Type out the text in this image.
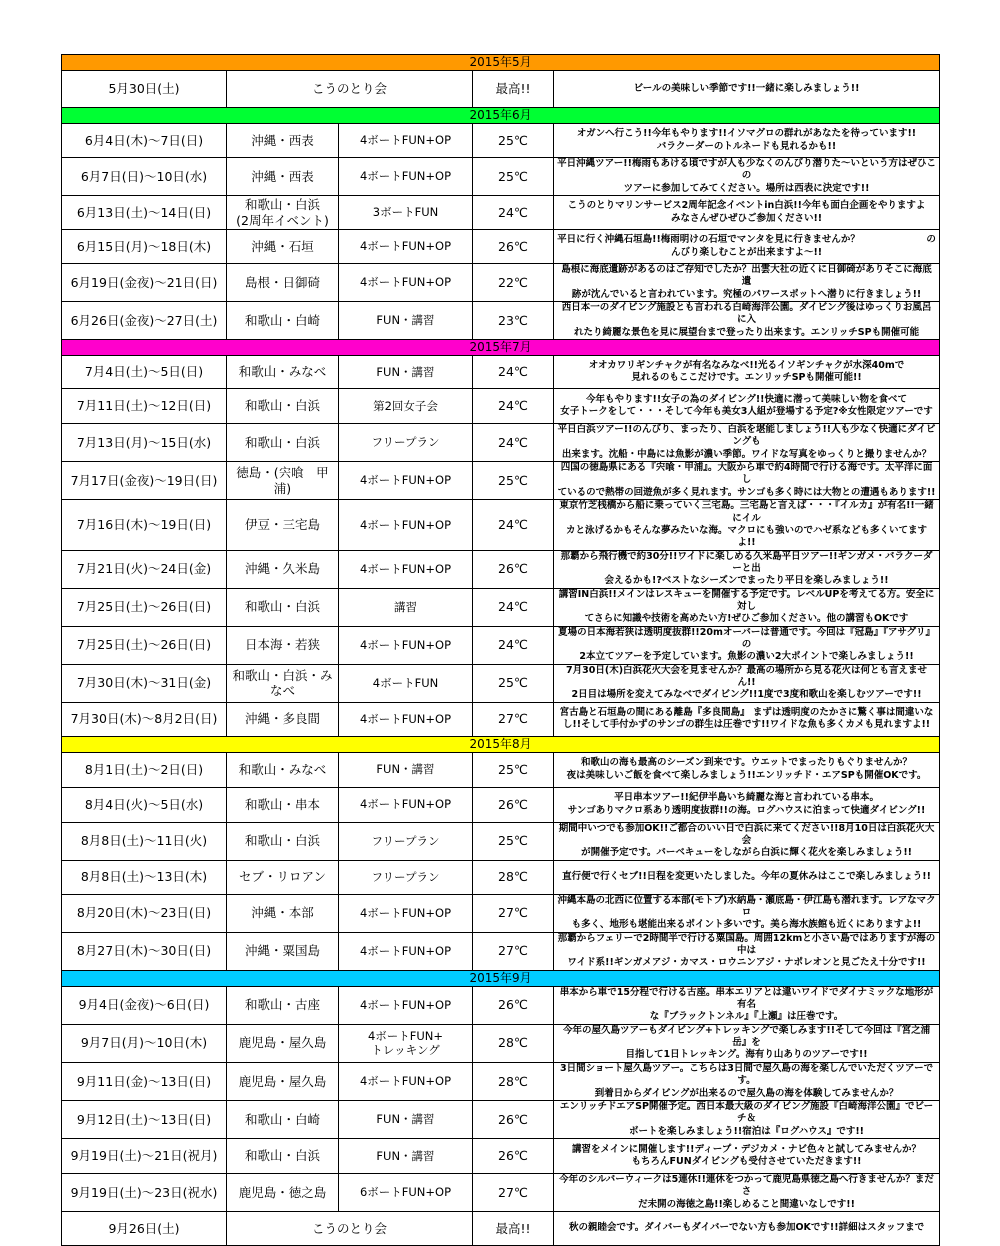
2015年5月				
5月30日(土)	こうのとり会		最高!!	ビールの美味しい季節です!!一緒に楽しみましょう!!
2015年6月				
6月4日(木)～7日(日)	沖縄・西表	4ボートFUN+OP	25℃	オガンへ行こう!!今年もやります!!イソマグロの群れがあなたを待っています!!
バラクーダーのトルネードも見れるかも!!
6月7日(日)～10日(水)	沖縄・西表	4ボートFUN+OP	25℃	平日沖縄ツアー!!梅雨もあける頃ですが人も少なくのんびり潜りた～いという方はぜひこの
ツアーに参加してみてください。場所は西表に決定です!!
6月13日(土)～14日(日)	和歌山・白浜
(2周年イベント)	3ボートFUN	24℃	こうのとりマリンサービス2周年記念イベントin白浜!!今年も面白企画をやりますよ
みなさんぜひぜひご参加ください!!
6月15日(月)～18日(木)	沖縄・石垣	4ボートFUN+OP	26℃	平日に行く沖縄石垣島!!梅雨明けの石垣でマンタを見に行きませんか？　　　　　　　の
んびり楽しむことが出来ますよ～!!
6月19日(金夜)～21日(日)	島根・日御碕	4ボートFUN+OP	22℃	島根に海底遺跡があるのはご存知でしたか？出雲大社の近くに日御碕がありそこに海底遺
跡が沈んでいると言われています。究極のパワースポットへ潜りに行きましょう!!
6月26日(金夜)～27日(土)	和歌山・白崎	FUN・講習	23℃	西日本一のダイビング施設とも言われる白崎海洋公園。ダイビング後はゆっくりお風呂に入
れたり綺麗な景色を見に展望台まで登ったり出来ます。エンリッチSPも開催可能
2015年7月				
7月4日(土)～5日(日)	和歌山・みなべ	FUN・講習	24℃	オオカワリギンチャクが有名なみなべ!!光るイソギンチャクが水深40mで
見れるのもここだけです。エンリッチSPも開催可能!!
7月11日(土)～12日(日)	和歌山・白浜	第2回女子会	24℃	今年もやります!!女子の為のダイビング!!快適に潜って美味しい物を食べて
女子トークをして・・・そして今年も美女3人組が登場する予定?※女性限定ツアーです
7月13日(月)～15日(水)	和歌山・白浜	フリープラン	24℃	平日白浜ツアー!!のんびり、まったり、白浜を堪能しましょう!!人も少なく快適にダイビングも
出来ます。沈船・中島には魚影が濃い季節。ワイドな写真をゆっくりと撮りませんか？
7月17日(金夜)～19日(日)	徳島・(宍喰　甲浦)	4ボートFUN+OP	25℃	四国の徳島県にある『宍喰・甲浦』。大阪から車で約4時間で行ける海です。太平洋に面し
ているので熱帯の回遊魚が多く見れます。サンゴも多く時には大物との遭遇もあります!!
7月16日(木)～19日(日)	伊豆・三宅島	4ボートFUN+OP	24℃	東京竹芝桟橋から船に乗っていく三宅島。三宅島と言えば・・・『イルカ』が有名!!一緒にイル
カと泳げるかもそんな夢みたいな海。マクロにも強いのでハゼ系なども多くいてますよ!!
7月21日(火)～24日(金)	沖縄・久米島	4ボートFUN+OP	26℃	那覇から飛行機で約30分!!ワイドに楽しめる久米島平日ツアー!!ギンガメ・バラクーダーと出
会えるかも!?ベストなシーズンでまったり平日を楽しみましょう!!
7月25日(土)～26日(日)	和歌山・白浜	講習	24℃	講習IN白浜!!メインはレスキューを開催する予定です。レベルUPを考えてる方。安全に対し
てさらに知識や技術を高めたい方!ぜひご参加ください。他の講習もOKです
7月25日(土)～26日(日)	日本海・若狭	4ボートFUN+OP	24℃	夏場の日本海若狭は透明度抜群!!20mオーバーは普通です。今回は『冠島』『アサグリ』の
2本立てツアーを予定しています。魚影の濃い2大ポイントで楽しみましょう!!
7月30日(木)～31日(金)	和歌山・白浜・みなべ	4ボートFUN	25℃	7月30日(木)白浜花火大会を見ませんか？最高の場所から見る花火は何とも言えません!!
2日目は場所を変えてみなべでダイビング!!1度で3度和歌山を楽しむツアーです!!
7月30日(木)～8月2日(日)	沖縄・多良間	4ボートFUN+OP	27℃	宮古島と石垣島の間にある離島『多良間島』 まずは透明度のたかさに驚く事は間違いな
し!!そして手付かずのサンゴの群生は圧巻です!!ワイドな魚も多くカメも見れますよ!!
2015年8月				
8月1日(土)～2日(日)	和歌山・みなべ	FUN・講習	25℃	和歌山の海も最高のシーズン到来です。ウエットでまったりもぐりませんか？
夜は美味しいご飯を食べて楽しみましょう!!エンリッチド・エアSPも開催OKです。
8月4日(火)～5日(水)	和歌山・串本	4ボートFUN+OP	26℃	平日串本ツアー!!紀伊半島いち綺麗な海と言われている串本。
サンゴありマクロ系あり透明度抜群!!の海。ログハウスに泊まって快適ダイビング!!
8月8日(土)～11日(火)	和歌山・白浜	フリープラン	25℃	期間中いつでも参加OK!!ご都合のいい日で白浜に来てください!!8月10日は白浜花火大会
が開催予定です。バーベキューをしながら白浜に輝く花火を楽しみましょう!!
8月8日(土)～13日(木)	セブ・リロアン	フリープラン	28℃	直行便で行くセブ!!日程を変更いたしました。今年の夏休みはここで楽しみましょう!!
8月20日(木)～23日(日)	沖縄・本部	4ボートFUN+OP	27℃	沖縄本島の北西に位置する本部(モトブ)水納島・瀬底島・伊江島も潜れます。レアなマクロ
も多く、地形も堪能出来るポイント多いです。美ら海水族館も近くにありますよ!!
8月27日(木)～30日(日)	沖縄・粟国島	4ボートFUN+OP	27℃	那覇からフェリーで2時間半で行ける粟国島。周囲12kmと小さい島ではありますが海の中は
ワイド系!!ギンガメアジ・カマス・ロウニンアジ・ナポレオンと見ごたえ十分です!!
2015年9月				
9月4日(金夜)～6日(日)	和歌山・古座	4ボートFUN+OP	26℃	串本から車で15分程で行ける古座。串本エリアとは違いワイドでダイナミックな地形が有名
な『ブラックトンネル』『上瀬』は圧巻です。
9月7日(月)～10日(木)	鹿児島・屋久島	4ボートFUN+
トレッキング	28℃	今年の屋久島ツアーもダイビング+トレッキングで楽しみます!!そして今回は『宮之浦岳』を
目指して1日トレッキング。海有り山ありのツアーです!!
9月11日(金)～13日(日)	鹿児島・屋久島	4ボートFUN+OP	28℃	3日間ショート屋久島ツアー。こちらは3日間で屋久島の海を楽しんでいただくツアーです。
到着日からダイビングが出来るので屋久島の海を体験してみませんか？
9月12日(土)～13日(日)	和歌山・白崎	FUN・講習	26℃	エンリッチドエアSP開催予定。西日本最大級のダイビング施設『白崎海洋公園』でビーチ＆
ボートを楽しみましょう!!宿泊は『ログハウス』です!!
9月19日(土)～21日(祝月)	和歌山・白浜	FUN・講習	26℃	講習をメインに開催します!!ディープ・デジカメ・ナビ色々と試してみませんか？
もちろんFUNダイビングも受付させていただきます!!
9月19日(土)～23日(祝水)	鹿児島・徳之島	6ボートFUN+OP	27℃	今年のシルバーウィークは5連休!!連休をつかって鹿児島県徳之島へ行きませんか？まださ
だ未開の海徳之島!!楽しめること間違いなしです!!
9月26日(土)	こうのとり会		最高!!	秋の親睦会です。ダイバーもダイバーでない方も参加OKです!!詳細はスタッフまで
